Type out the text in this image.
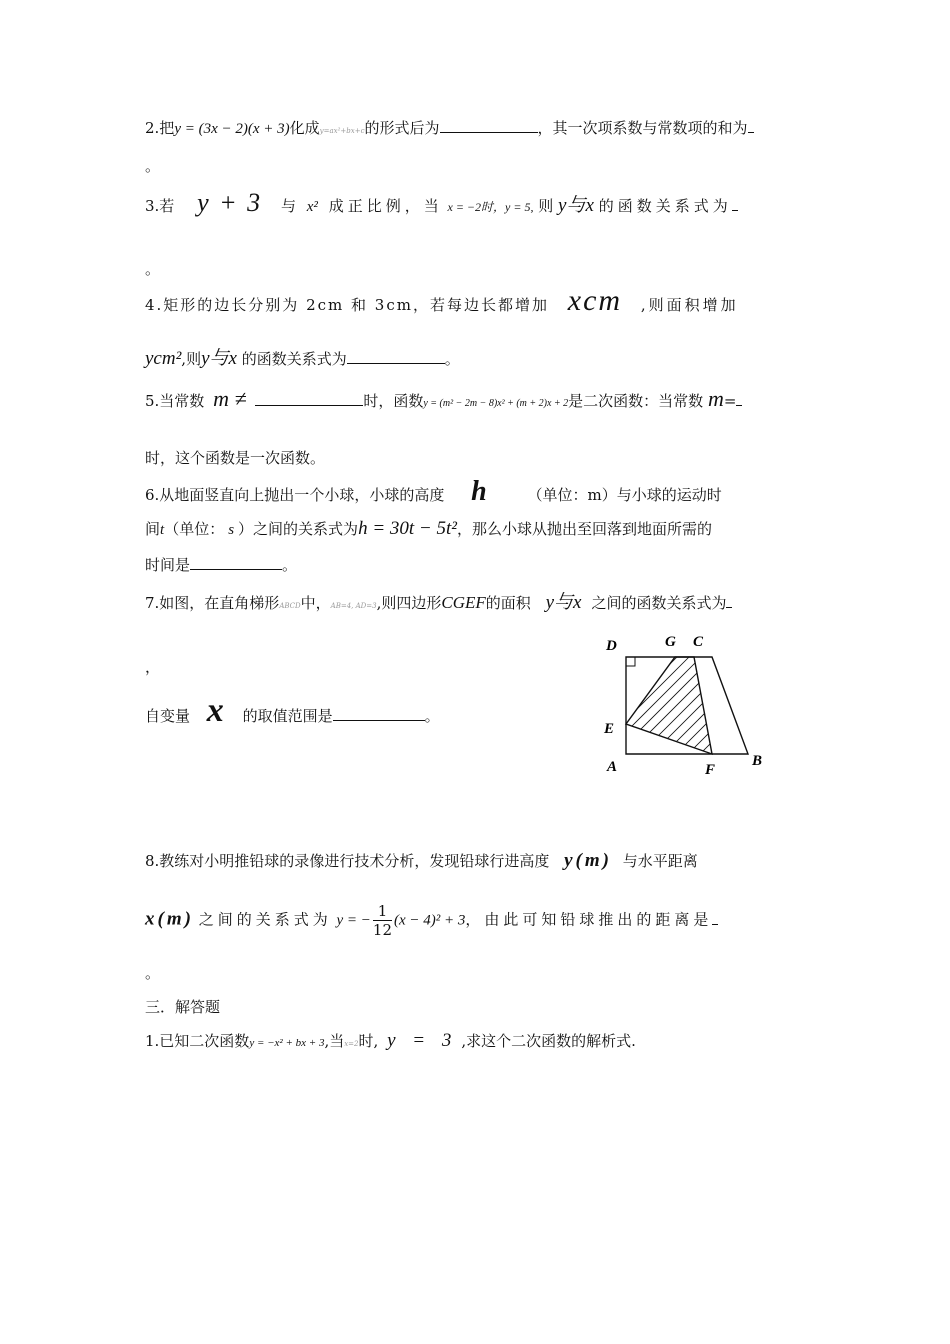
2.把y = (3x − 2)(x + 3)化成y=ax²+bx+c的形式后为	，其一次项系数与常数项的和为
。
3.若 y + 3 与 x² 成正比例，当 x = −2时，y = 5, 则 y与x 的函数关系式为
。
4.矩形的边长分别为 2cm 和 3cm，若每边长都增加 xcm ,则面积增加
ycm²,则y与x 的函数关系式为	。
5.当常数 m ≠	时，函数y = (m² − 2m − 8)x² + (m + 2)x + 2是二次函数：当常数 m=
时，这个函数是一次函数。
6.从地面竖直向上抛出一个小球，小球的高度 h	（单位：m）与小球的运动时
间t（单位： s ）之间的关系式为h = 30t − 5t²，那么小球从抛出至回落到地面所需的
时间是	。
7.如图，在直角梯形ABCD中，AB=4, AD=3,则四边形CGEF的面积 y与x 之间的函数关系式为
，
自变量 x 的取值范围是	。
D	G C
E
A	F
B
8.教练对小明推铅球的录像进行技术分析，发现铅球行进高度 y(m) 与水平距离
x(m) 之间的关系式为 y = − $\frac{1}{12} (x - 4)^2 + 3$，由此可知铅球推出的距离是
。
三．解答题
1.已知二次函数y = −x² + bx + 3,当x=2时, y = 3 ,求这个二次函数的解析式.
